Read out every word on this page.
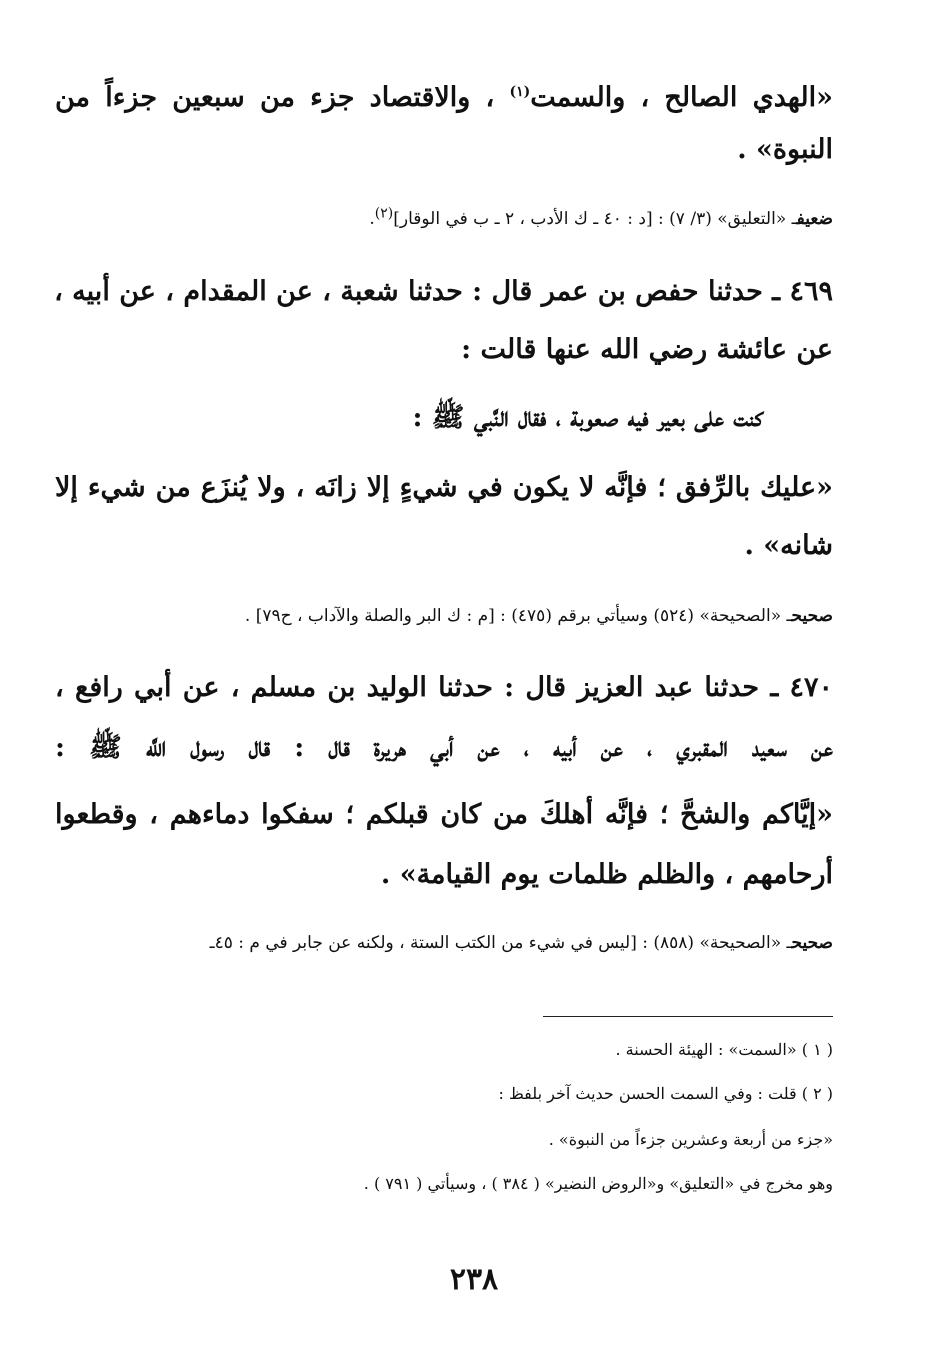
«الهدي الصالح ، والسمت$^{(١)}$ ، والاقتصاد جزء من سبعين جزءاً من
النبوة» .
ضعيفـ «التعليق» (٣/ ٧) : [د : ٤٠ ـ ك الأدب ، ٢ ـ ب في الوقار]$^{(٢)}$.
٤٦٩ ـ حدثنا حفص بن عمر قال : حدثنا شعبة ، عن المقدام ، عن أبيه ،
عن عائشة رضي الله عنها قالت :
كنت على بعير فيه صعوبة ، فقال النَّبي ﷺ :
«عليك بالرِّفق ؛ فإنَّه لا يكون في شيءٍ إلا زانَه ، ولا يُنزَع من شيء إلا
شانه» .
صحيحـ «الصحيحة» (٥٢٤) وسيأتي برقم (٤٧٥) : [م : ك البر والصلة والآداب ، ح٧٩] .
٤٧٠ ـ حدثنا عبد العزيز قال : حدثنا الوليد بن مسلم ، عن أبي رافع ،
عن سعيد المقبري ، عن أبيه ، عن أبي هريرة قال : قال رسول اللَّه ﷺ :
«إيَّاكم والشحَّ ؛ فإنَّه أهلكَ من كان قبلكم ؛ سفكوا دماءهم ، وقطعوا
أرحامهم ، والظلم ظلمات يوم القيامة» .
صحيحـ «الصحيحة» (٨٥٨) : [ليس في شيء من الكتب الستة ، ولكنه عن جابر في م : ٤٥ـ
( ١ ) «السمت» : الهيئة الحسنة .
( ٢ ) قلت : وفي السمت الحسن حديث آخر بلفظ :
«جزء من أربعة وعشرين جزءاً من النبوة» .
وهو مخرج في «التعليق» و«الروض النضير» ( ٣٨٤ ) ، وسيأتي ( ٧٩١ ) .
٢٣٨
